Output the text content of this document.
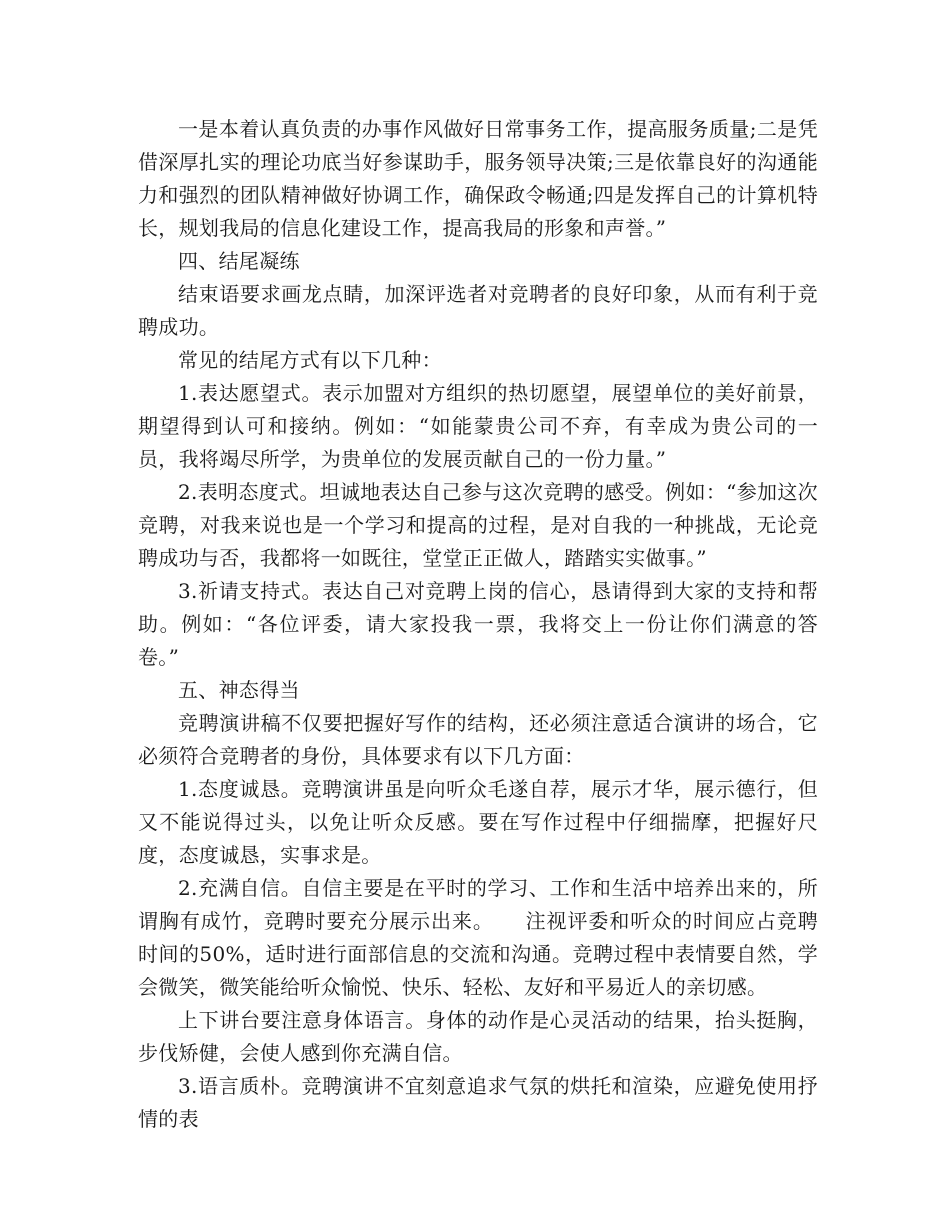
一是本着认真负责的办事作风做好日常事务工作，提高服务质量;二是凭借深厚扎实的理论功底当好参谋助手，服务领导决策;三是依靠良好的沟通能力和强烈的团队精神做好协调工作，确保政令畅通;四是发挥自己的计算机特长，规划我局的信息化建设工作，提高我局的形象和声誉。”

四、结尾凝练

结束语要求画龙点睛，加深评选者对竞聘者的良好印象，从而有利于竞聘成功。

常见的结尾方式有以下几种：

1.表达愿望式。表示加盟对方组织的热切愿望，展望单位的美好前景，期望得到认可和接纳。例如：“如能蒙贵公司不弃，有幸成为贵公司的一员，我将竭尽所学，为贵单位的发展贡献自己的一份力量。”

2.表明态度式。坦诚地表达自己参与这次竞聘的感受。例如：“参加这次竞聘，对我来说也是一个学习和提高的过程，是对自我的一种挑战，无论竞聘成功与否，我都将一如既往，堂堂正正做人，踏踏实实做事。”

3.祈请支持式。表达自己对竞聘上岗的信心，恳请得到大家的支持和帮助。例如：“各位评委，请大家投我一票，我将交上一份让你们满意的答卷。”

五、神态得当

竞聘演讲稿不仅要把握好写作的结构，还必须注意适合演讲的场合，它必须符合竞聘者的身份，具体要求有以下几方面：

1.态度诚恳。竞聘演讲虽是向听众毛遂自荐，展示才华，展示德行，但又不能说得过头，以免让听众反感。要在写作过程中仔细揣摩，把握好尺度，态度诚恳，实事求是。

2.充满自信。自信主要是在平时的学习、工作和生活中培养出来的，所谓胸有成竹，竞聘时要充分展示出来。　　注视评委和听众的时间应占竞聘时间的50%，适时进行面部信息的交流和沟通。竞聘过程中表情要自然，学会微笑，微笑能给听众愉悦、快乐、轻松、友好和平易近人的亲切感。

上下讲台要注意身体语言。身体的动作是心灵活动的结果，抬头挺胸，步伐矫健，会使人感到你充满自信。

3.语言质朴。竞聘演讲不宜刻意追求气氛的烘托和渲染，应避免使用抒情的表
